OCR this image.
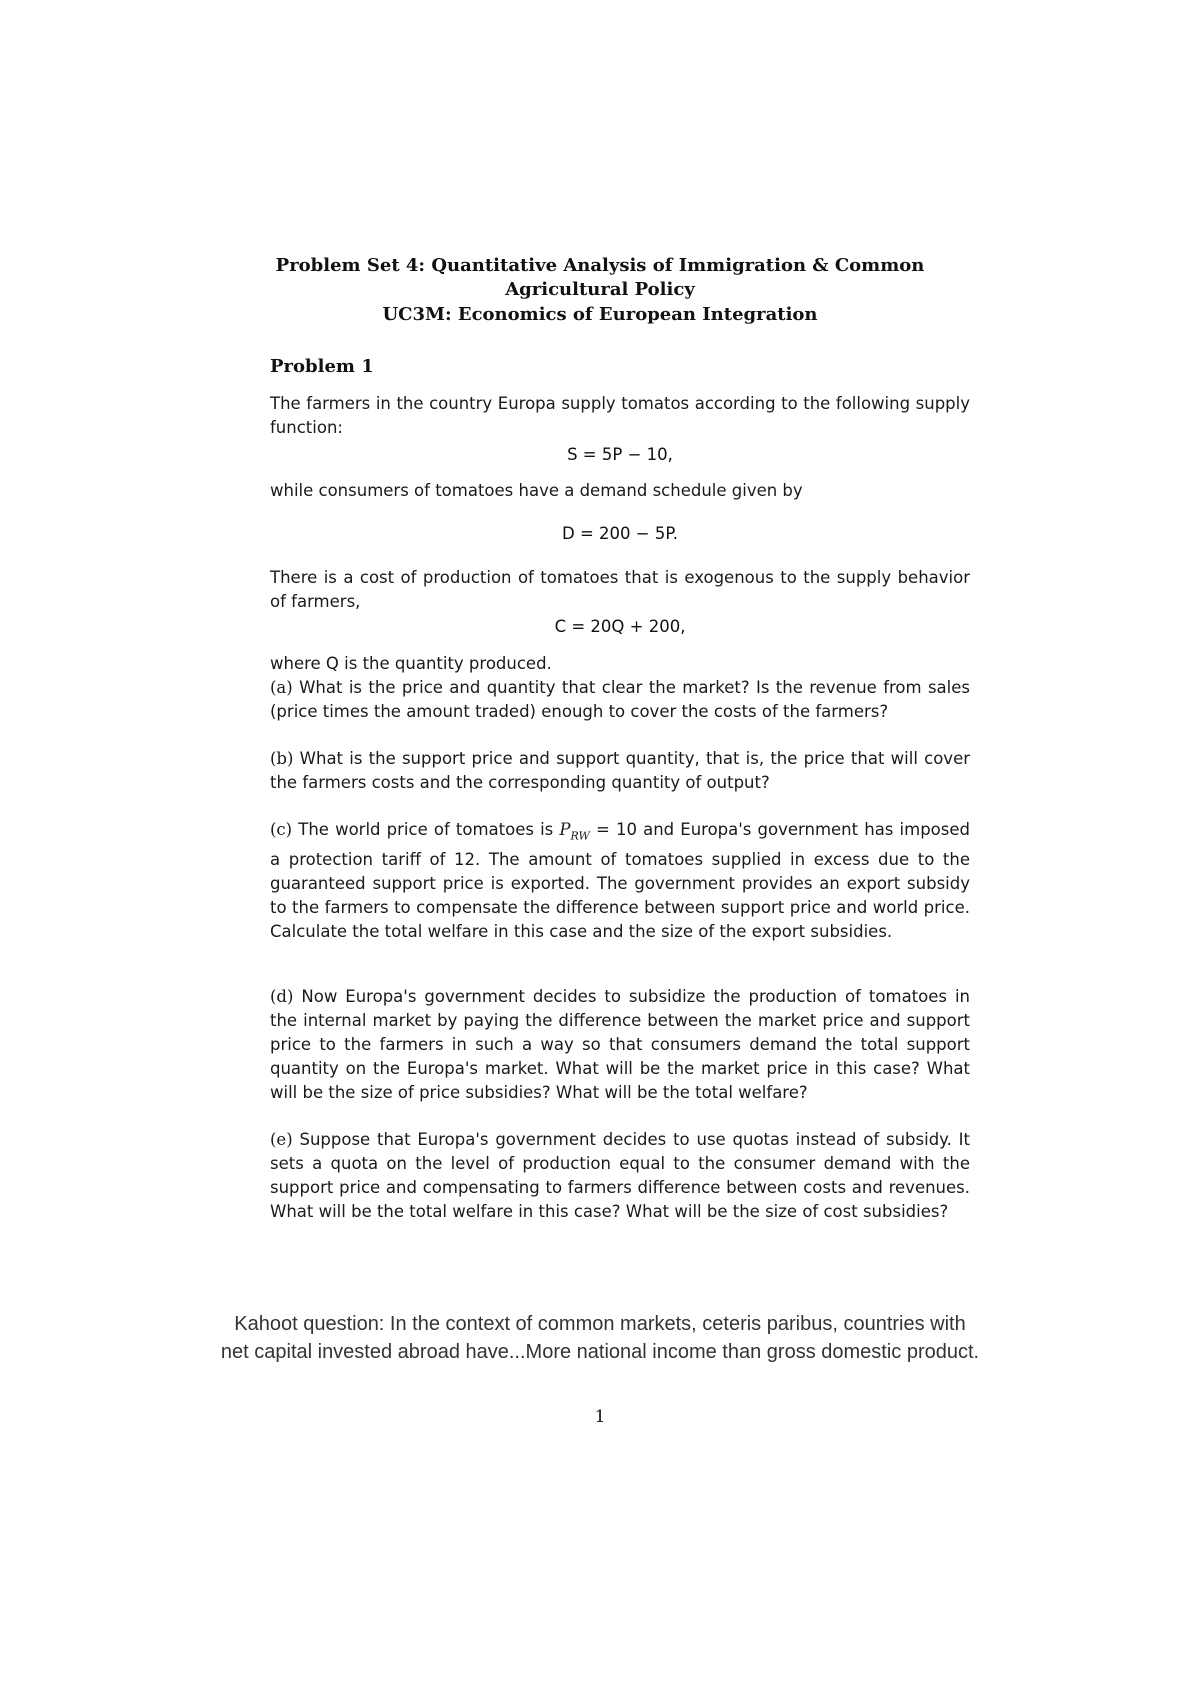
Problem Set 4: Quantitative Analysis of Immigration & Common
Agricultural Policy
UC3M: Economics of European Integration
Problem 1
The farmers in the country Europa supply tomatos according to the following supply function:
S = 5P − 10,
while consumers of tomatoes have a demand schedule given by
D = 200 − 5P.
There is a cost of production of tomatoes that is exogenous to the supply behavior of farmers,
C = 20Q + 200,
where Q is the quantity produced.
(a) What is the price and quantity that clear the market? Is the revenue from sales (price times the amount traded) enough to cover the costs of the farmers?
(b) What is the support price and support quantity, that is, the price that will cover the farmers costs and the corresponding quantity of output?
(c) The world price of tomatoes is $P_{RW} = 10$ and Europa's government has imposed a protection tariff of 12. The amount of tomatoes supplied in excess due to the guaranteed support price is exported. The government provides an export subsidy to the farmers to compensate the difference between support price and world price. Calculate the total welfare in this case and the size of the export subsidies.
(d) Now Europa's government decides to subsidize the production of tomatoes in the internal market by paying the difference between the market price and support price to the farmers in such a way so that consumers demand the total support quantity on the Europa's market. What will be the market price in this case? What will be the size of price subsidies? What will be the total welfare?
(e) Suppose that Europa's government decides to use quotas instead of subsidy. It sets a quota on the level of production equal to the consumer demand with the support price and compensating to farmers difference between costs and revenues. What will be the total welfare in this case? What will be the size of cost subsidies?
Kahoot question: In the context of common markets, ceteris paribus, countries with
net capital invested abroad have...More national income than gross domestic product.
1
